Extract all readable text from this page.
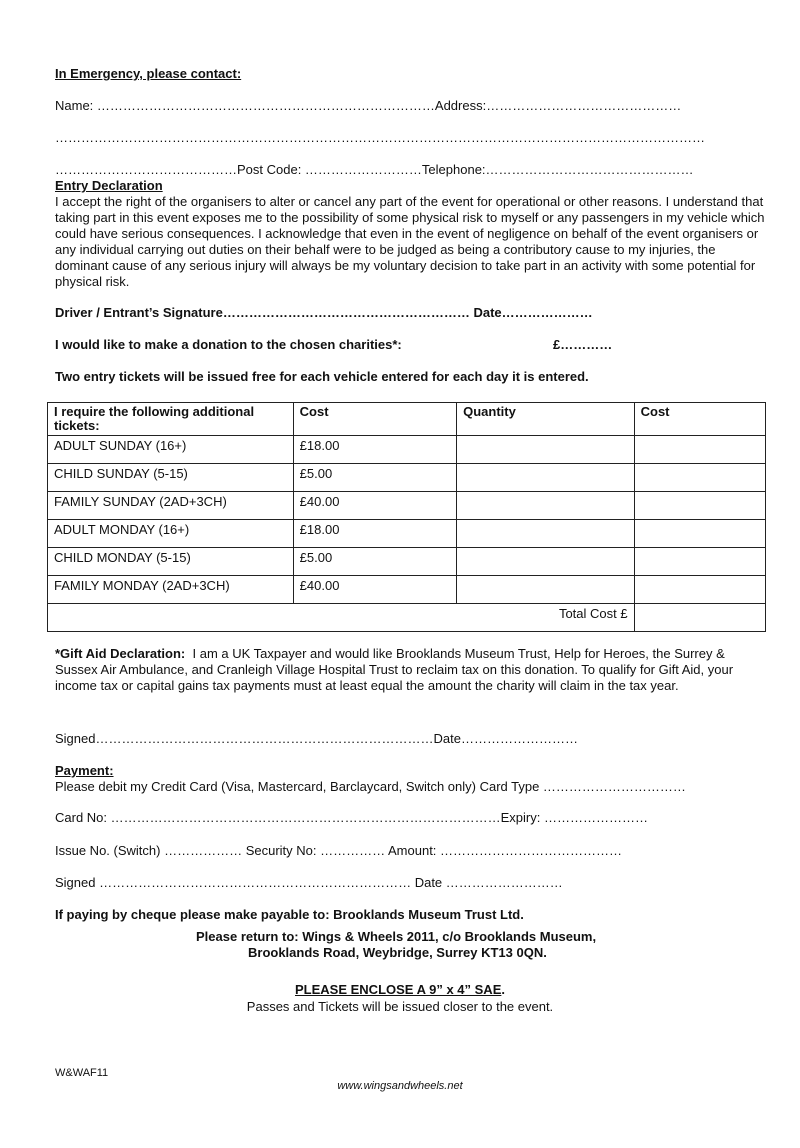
In Emergency, please contact:
Name: ……………………………………………………………………Address:………………………………………
……………………………………………………………………………………………………………………………………
……………………………………Post Code: ………………………Telephone:…………………………………………
Entry Declaration
I accept the right of the organisers to alter or cancel any part of the event for operational or other reasons. I understand that taking part in this event exposes me to the possibility of some physical risk to myself or any passengers in my vehicle which could have serious consequences. I acknowledge that even in the event of negligence on behalf of the event organisers or any individual carrying out duties on their behalf were to be judged as being a contributory cause to my injuries, the dominant cause of any serious injury will always be my voluntary decision to take part in an activity with some potential for physical risk.
Driver / Entrant’s Signature………………………………………………… Date…………………
I would like to make a donation to the chosen charities*:	£…………
Two entry tickets will be issued free for each vehicle entered for each day it is entered.
I require the following additional tickets:	Cost	Quantity	Cost
ADULT SUNDAY (16+)	£18.00		
CHILD SUNDAY (5-15)	£5.00		
FAMILY SUNDAY (2AD+3CH)	£40.00		
ADULT MONDAY (16+)	£18.00		
CHILD MONDAY (5-15)	£5.00		
FAMILY MONDAY (2AD+3CH)	£40.00		
Total Cost £			
*Gift Aid Declaration: I am a UK Taxpayer and would like Brooklands Museum Trust, Help for Heroes, the Surrey & Sussex Air Ambulance, and Cranleigh Village Hospital Trust to reclaim tax on this donation. To qualify for Gift Aid, your income tax or capital gains tax payments must at least equal the amount the charity will claim in the tax year.
Signed……………………………………………………………………Date………………………
Payment:
Please debit my Credit Card (Visa, Mastercard, Barclaycard, Switch only) Card Type ……………………………
Card No: ………………………………………………………………………………Expiry: ……………………
Issue No. (Switch) ……………… Security No: …………… Amount: ……………………………………
Signed ……………………………………………………………… Date ………………………
If paying by cheque please make payable to: Brooklands Museum Trust Ltd.
Please return to: Wings & Wheels 2011, c/o Brooklands Museum,
Brooklands Road, Weybridge, Surrey KT13 0QN.
PLEASE ENCLOSE A 9” x 4” SAE.
Passes and Tickets will be issued closer to the event.
W&WAF11
www.wingsandwheels.net
